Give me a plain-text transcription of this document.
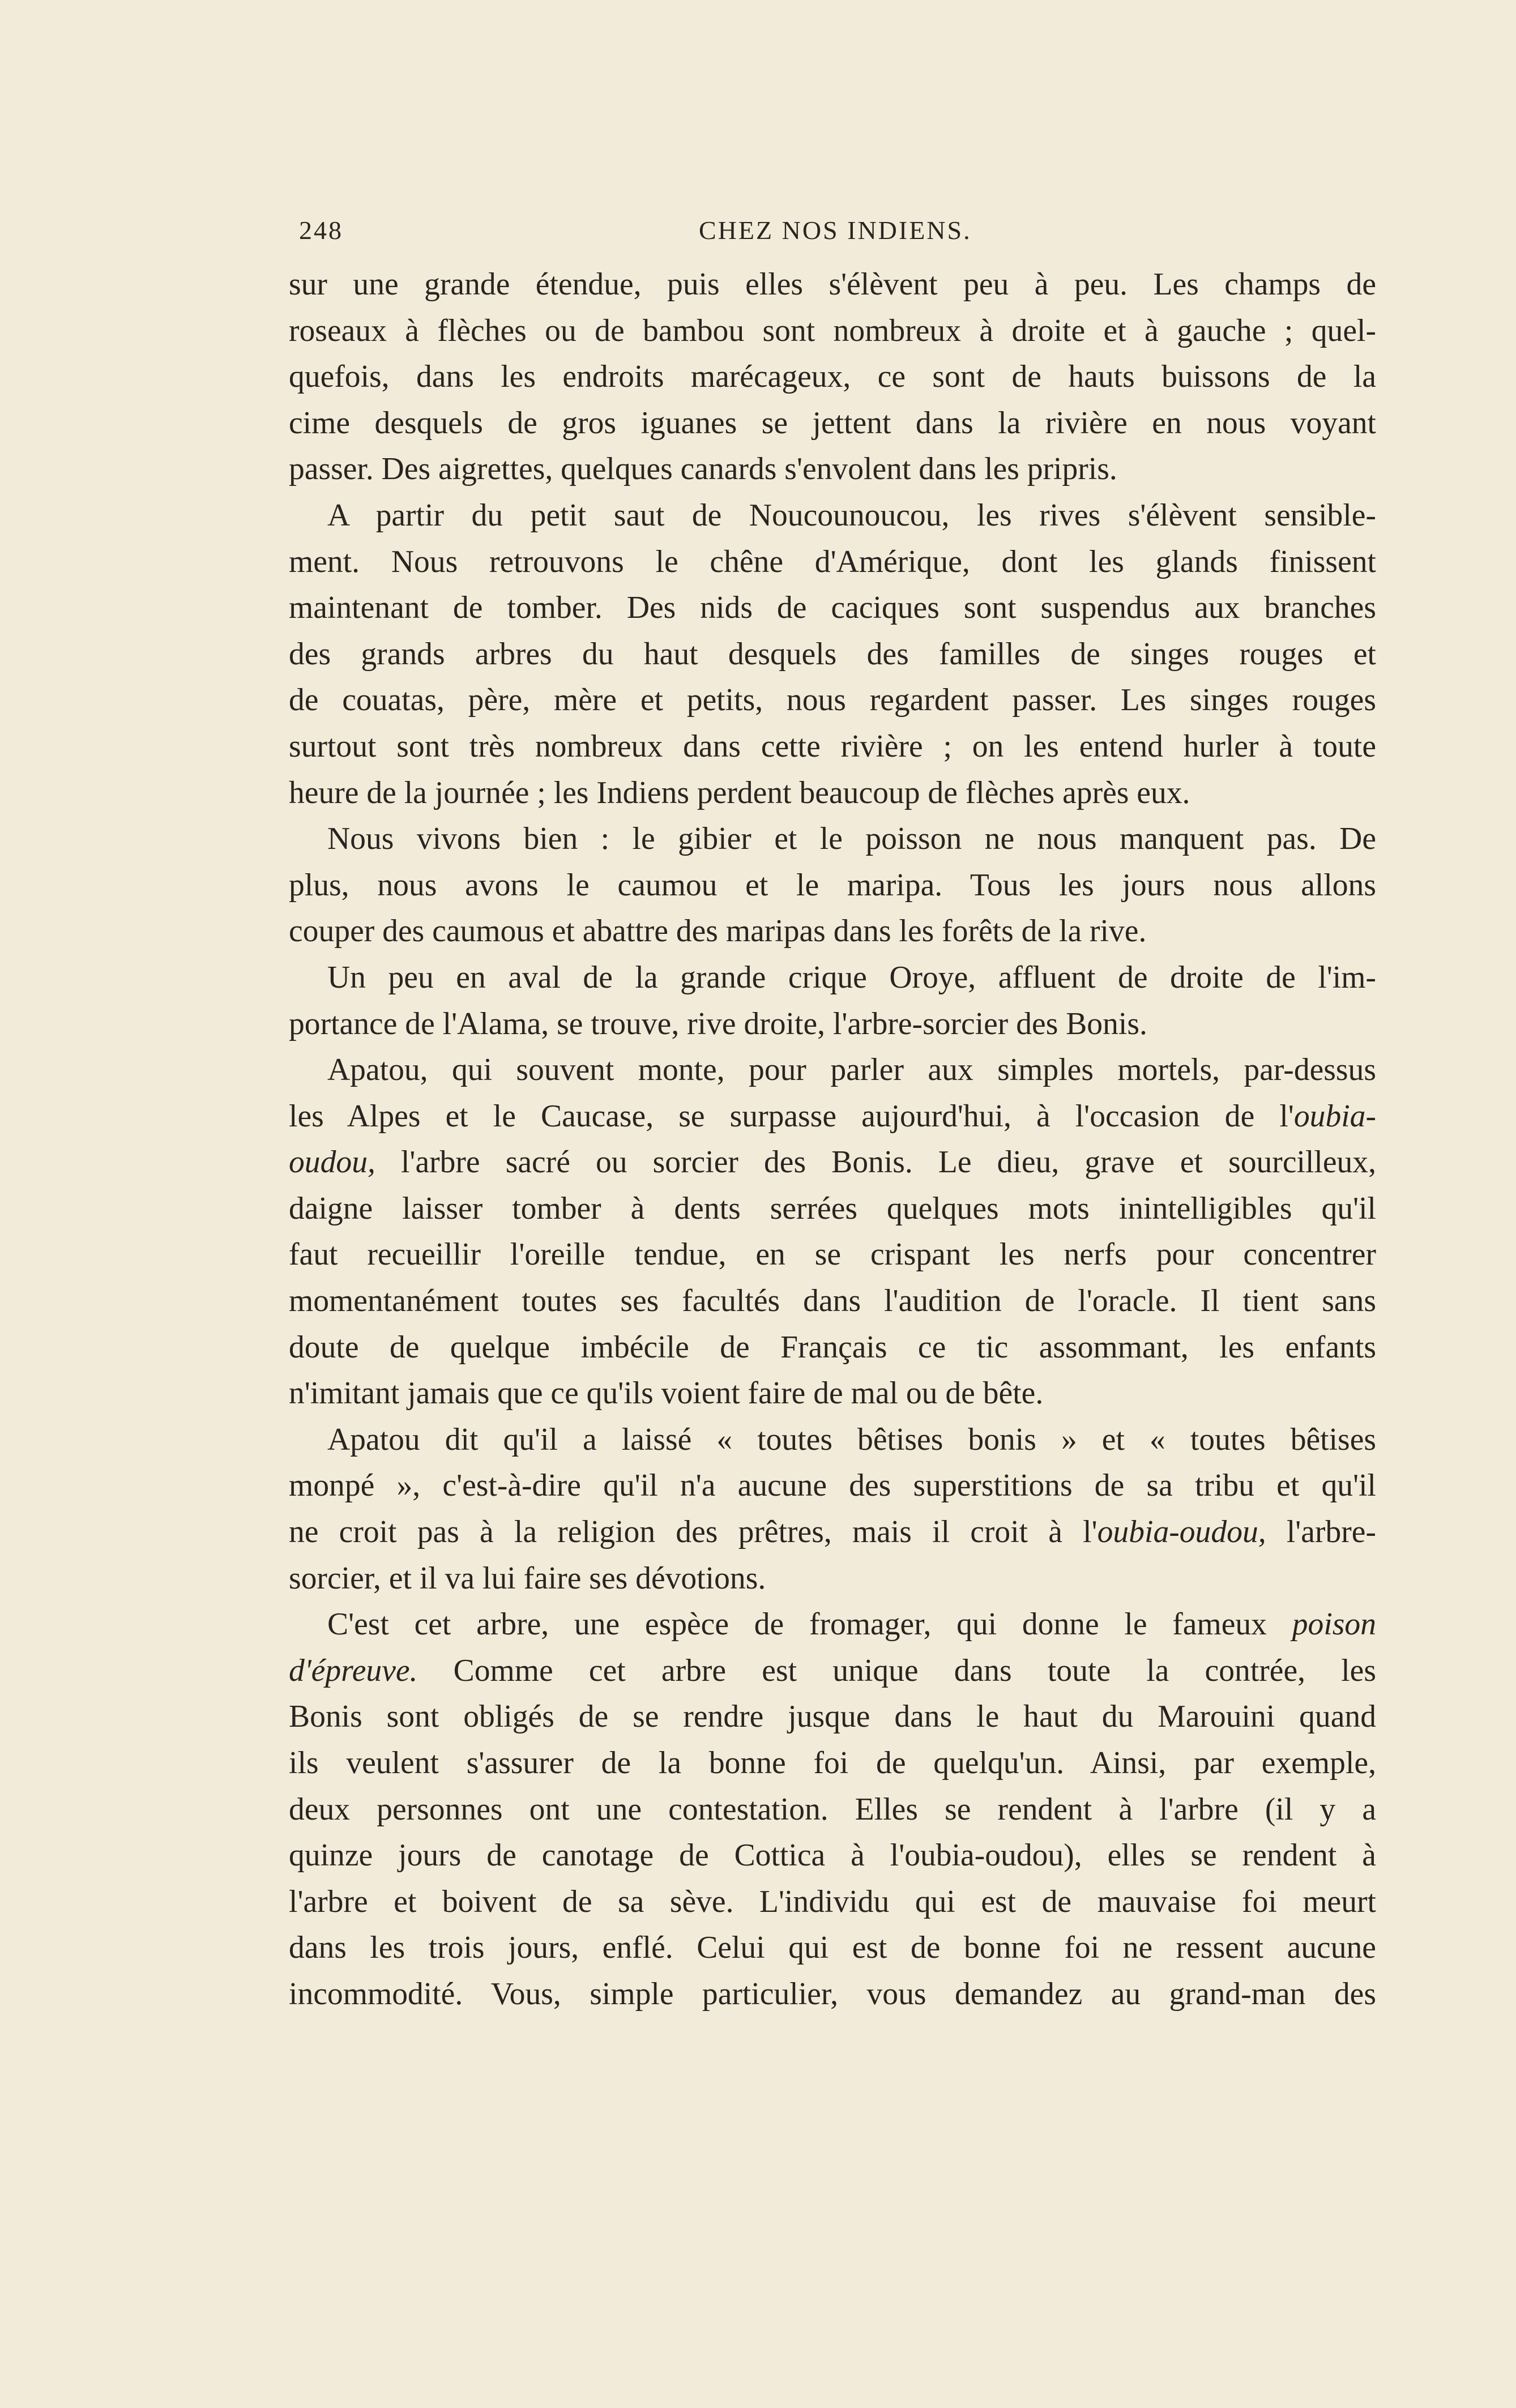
248	CHEZ NOS INDIENS.
sur une grande étendue, puis elles s'élèvent peu à peu. Les champs de
roseaux à flèches ou de bambou sont nombreux à droite et à gauche ; quel-
quefois, dans les endroits marécageux, ce sont de hauts buissons de la
cime desquels de gros iguanes se jettent dans la rivière en nous voyant
passer. Des aigrettes, quelques canards s'envolent dans les pripris.
A partir du petit saut de Noucounoucou, les rives s'élèvent sensible-
ment. Nous retrouvons le chêne d'Amérique, dont les glands finissent
maintenant de tomber. Des nids de caciques sont suspendus aux branches
des grands arbres du haut desquels des familles de singes rouges et
de couatas, père, mère et petits, nous regardent passer. Les singes rouges
surtout sont très nombreux dans cette rivière ; on les entend hurler à toute
heure de la journée ; les Indiens perdent beaucoup de flèches après eux.
Nous vivons bien : le gibier et le poisson ne nous manquent pas. De
plus, nous avons le caumou et le maripa. Tous les jours nous allons
couper des caumous et abattre des maripas dans les forêts de la rive.
Un peu en aval de la grande crique Oroye, affluent de droite de l'im-
portance de l'Alama, se trouve, rive droite, l'arbre-sorcier des Bonis.
Apatou, qui souvent monte, pour parler aux simples mortels, par-dessus
les Alpes et le Caucase, se surpasse aujourd'hui, à l'occasion de l'oubia-
oudou, l'arbre sacré ou sorcier des Bonis. Le dieu, grave et sourcilleux,
daigne laisser tomber à dents serrées quelques mots inintelligibles qu'il
faut recueillir l'oreille tendue, en se crispant les nerfs pour concentrer
momentanément toutes ses facultés dans l'audition de l'oracle. Il tient sans
doute de quelque imbécile de Français ce tic assommant, les enfants
n'imitant jamais que ce qu'ils voient faire de mal ou de bête.
Apatou dit qu'il a laissé « toutes bêtises bonis » et « toutes bêtises
monpé », c'est-à-dire qu'il n'a aucune des superstitions de sa tribu et qu'il
ne croit pas à la religion des prêtres, mais il croit à l'oubia-oudou, l'arbre-
sorcier, et il va lui faire ses dévotions.
C'est cet arbre, une espèce de fromager, qui donne le fameux poison
d'épreuve. Comme cet arbre est unique dans toute la contrée, les
Bonis sont obligés de se rendre jusque dans le haut du Marouini quand
ils veulent s'assurer de la bonne foi de quelqu'un. Ainsi, par exemple,
deux personnes ont une contestation. Elles se rendent à l'arbre (il y a
quinze jours de canotage de Cottica à l'oubia-oudou), elles se rendent à
l'arbre et boivent de sa sève. L'individu qui est de mauvaise foi meurt
dans les trois jours, enflé. Celui qui est de bonne foi ne ressent aucune
incommodité. Vous, simple particulier, vous demandez au grand-man des
